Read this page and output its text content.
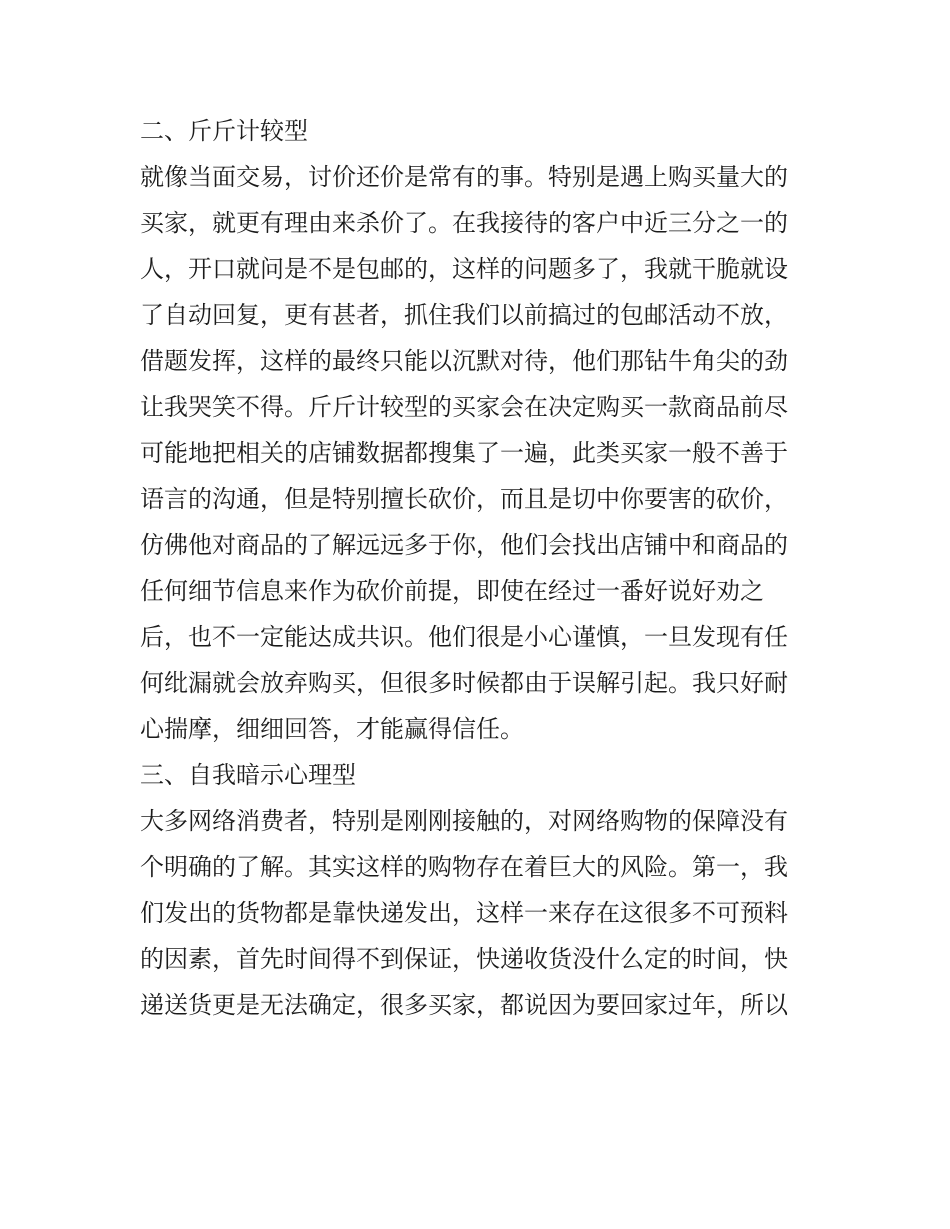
二、斤斤计较型
就像当面交易，讨价还价是常有的事。特别是遇上购买量大的
买家，就更有理由来杀价了。在我接待的客户中近三分之一的
人，开口就问是不是包邮的，这样的问题多了，我就干脆就设
了自动回复，更有甚者，抓住我们以前搞过的包邮活动不放，
借题发挥，这样的最终只能以沉默对待，他们那钻牛角尖的劲
让我哭笑不得。斤斤计较型的买家会在决定购买一款商品前尽
可能地把相关的店铺数据都搜集了一遍，此类买家一般不善于
语言的沟通，但是特别擅长砍价，而且是切中你要害的砍价，
仿佛他对商品的了解远远多于你，他们会找出店铺中和商品的
任何细节信息来作为砍价前提，即使在经过一番好说好劝之
后，也不一定能达成共识。他们很是小心谨慎，一旦发现有任
何纰漏就会放弃购买，但很多时候都由于误解引起。我只好耐
心揣摩，细细回答，才能赢得信任。
三、自我暗示心理型
大多网络消费者，特别是刚刚接触的，对网络购物的保障没有
个明确的了解。其实这样的购物存在着巨大的风险。第一，我
们发出的货物都是靠快递发出，这样一来存在这很多不可预料
的因素，首先时间得不到保证，快递收货没什么定的时间，快
递送货更是无法确定，很多买家，都说因为要回家过年，所以
